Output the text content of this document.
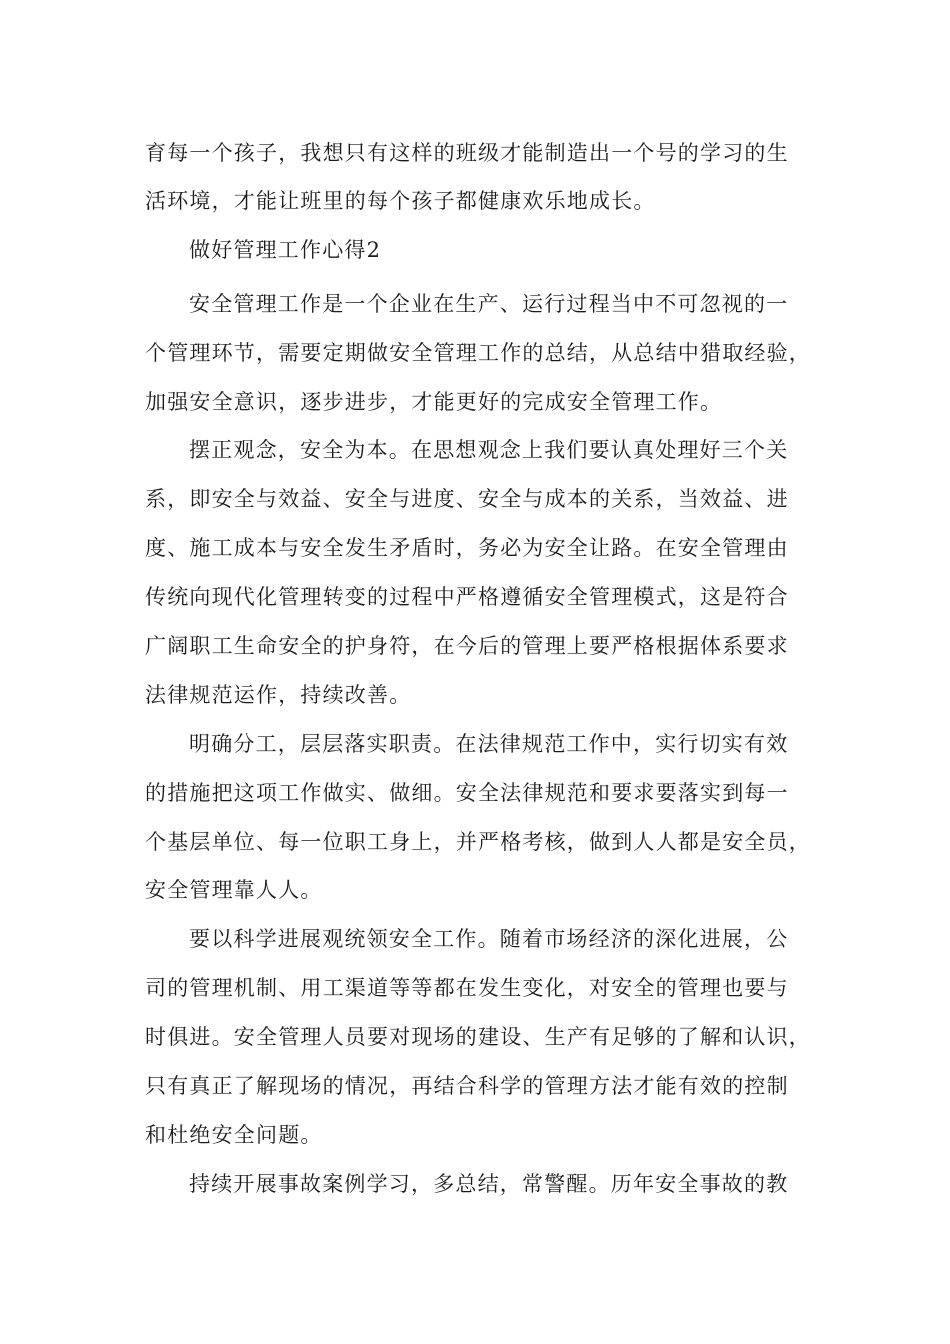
育每一个孩子，我想只有这样的班级才能制造出一个号的学习的生
活环境，才能让班里的每个孩子都健康欢乐地成长。
做好管理工作心得2
安全管理工作是一个企业在生产、运行过程当中不可忽视的一
个管理环节，需要定期做安全管理工作的总结，从总结中猎取经验，
加强安全意识，逐步进步，才能更好的完成安全管理工作。
摆正观念，安全为本。在思想观念上我们要认真处理好三个关
系，即安全与效益、安全与进度、安全与成本的关系，当效益、进
度、施工成本与安全发生矛盾时，务必为安全让路。在安全管理由
传统向现代化管理转变的过程中严格遵循安全管理模式，这是符合
广阔职工生命安全的护身符，在今后的管理上要严格根据体系要求
法律规范运作，持续改善。
明确分工，层层落实职责。在法律规范工作中，实行切实有效
的措施把这项工作做实、做细。安全法律规范和要求要落实到每一
个基层单位、每一位职工身上，并严格考核，做到人人都是安全员，
安全管理靠人人。
要以科学进展观统领安全工作。随着市场经济的深化进展，公
司的管理机制、用工渠道等等都在发生变化，对安全的管理也要与
时俱进。安全管理人员要对现场的建设、生产有足够的了解和认识，
只有真正了解现场的情况，再结合科学的管理方法才能有效的控制
和杜绝安全问题。
持续开展事故案例学习，多总结，常警醒。历年安全事故的教
